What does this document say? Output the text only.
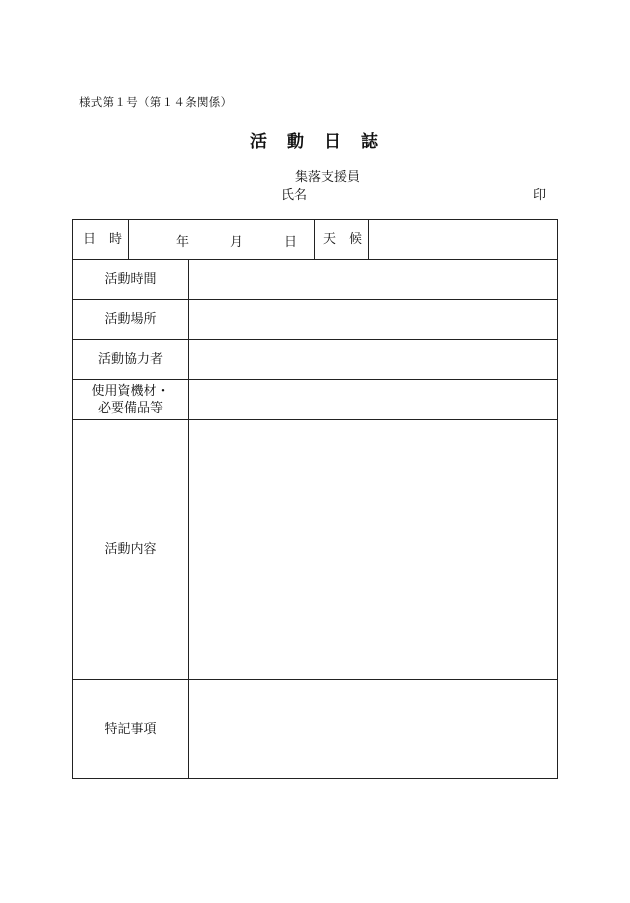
様式第１号（第１４条関係）
活 動 日 誌
集落支援員
氏名	印
日 時	年 月 日		天 候	
活動時間				
活動場所				
活動協力者				

使用資機材・
必要備品等				

活動内容				
特記事項				
